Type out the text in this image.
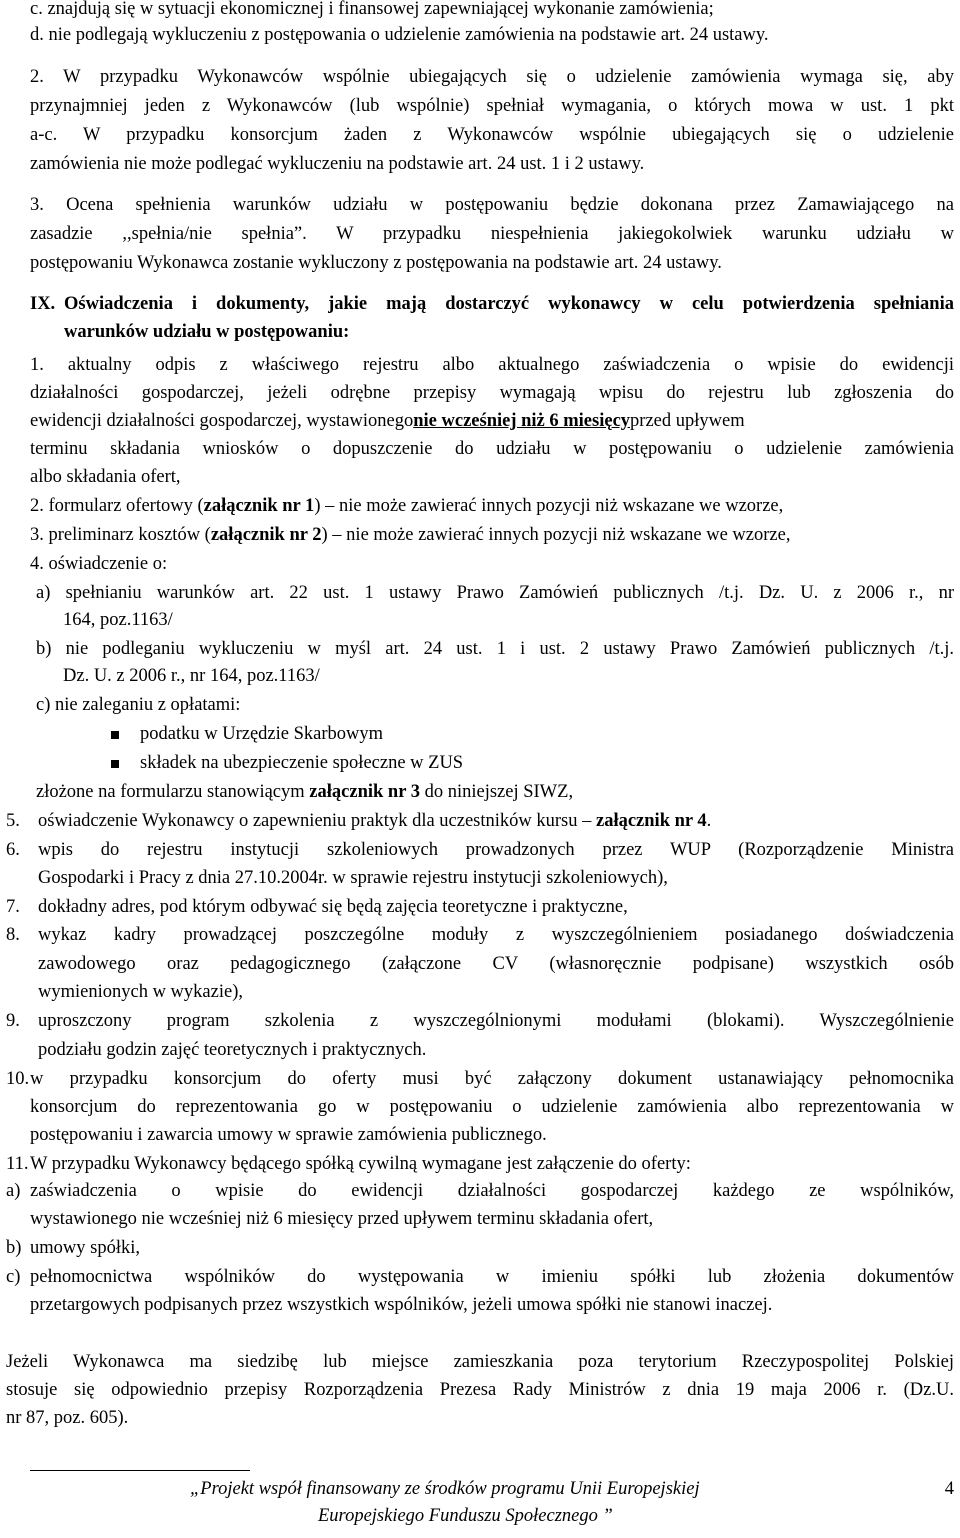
c. znajdują się w sytuacji ekonomicznej i finansowej zapewniającej wykonanie zamówienia;
d. nie podlegają wykluczeniu z postępowania o udzielenie zamówienia na podstawie art. 24 ustawy.
2. W przypadku Wykonawców wspólnie ubiegających się o udzielenie zamówienia wymaga się, aby
przynajmniej jeden z Wykonawców (lub wspólnie) spełniał wymagania, o których mowa w ust. 1 pkt
a-c. W przypadku konsorcjum żaden z Wykonawców wspólnie ubiegających się o udzielenie
zamówienia nie może podlegać wykluczeniu na podstawie art. 24 ust. 1 i 2 ustawy.
3. Ocena spełnienia warunków udziału w postępowaniu będzie dokonana przez Zamawiającego na
zasadzie ,,spełnia/nie spełnia”. W przypadku niespełnienia jakiegokolwiek warunku udziału w
postępowaniu Wykonawca zostanie wykluczony z postępowania na podstawie art. 24 ustawy.
IX. Oświadczenia i dokumenty, jakie mają dostarczyć wykonawcy w celu potwierdzenia spełniania
warunków udziału w postępowaniu:
1. aktualny odpis z właściwego rejestru albo aktualnego zaświadczenia o wpisie do ewidencji
działalności gospodarczej, jeżeli odrębne przepisy wymagają wpisu do rejestru lub zgłoszenia do
ewidencji działalności gospodarczej, wystawionego nie wcześniej niż 6 miesięcy przed upływem
terminu składania wniosków o dopuszczenie do udziału w postępowaniu o udzielenie zamówienia
albo składania ofert,
2. formularz ofertowy (załącznik nr 1) – nie może zawierać innych pozycji niż wskazane we wzorze,
3. preliminarz kosztów (załącznik nr 2) – nie może zawierać innych pozycji niż wskazane we wzorze,
4. oświadczenie o:
a) spełnianiu warunków art. 22 ust. 1 ustawy Prawo Zamówień publicznych /t.j. Dz. U. z 2006 r., nr
164, poz.1163/
b) nie podleganiu wykluczeniu w myśl art. 24 ust. 1 i ust. 2 ustawy Prawo Zamówień publicznych /t.j.
Dz. U. z 2006 r., nr 164, poz.1163/
c) nie zaleganiu z opłatami:
podatku w Urzędzie Skarbowym
składek na ubezpieczenie społeczne w ZUS
złożone na formularzu stanowiącym załącznik nr 3 do niniejszej SIWZ,
5. oświadczenie Wykonawcy o zapewnieniu praktyk dla uczestników kursu – załącznik nr 4.
6. wpis do rejestru instytucji szkoleniowych prowadzonych przez WUP (Rozporządzenie Ministra
Gospodarki i Pracy z dnia 27.10.2004r. w sprawie rejestru instytucji szkoleniowych),
7. dokładny adres, pod którym odbywać się będą zajęcia teoretyczne i praktyczne,
8. wykaz kadry prowadzącej poszczególne moduły z wyszczególnieniem posiadanego doświadczenia
zawodowego oraz pedagogicznego (załączone CV (własnoręcznie podpisane) wszystkich osób
wymienionych w wykazie),
9. uproszczony program szkolenia z wyszczególnionymi modułami (blokami). Wyszczególnienie
podziału godzin zajęć teoretycznych i praktycznych.
10. w przypadku konsorcjum do oferty musi być załączony dokument ustanawiający pełnomocnika
konsorcjum do reprezentowania go w postępowaniu o udzielenie zamówienia albo reprezentowania w
postępowaniu i zawarcia umowy w sprawie zamówienia publicznego.
11. W przypadku Wykonawcy będącego spółką cywilną wymagane jest załączenie do oferty:
a) zaświadczenia o wpisie do ewidencji działalności gospodarczej każdego ze wspólników,
wystawionego nie wcześniej niż 6 miesięcy przed upływem terminu składania ofert,
b) umowy spółki,
c) pełnomocnictwa wspólników do występowania w imieniu spółki lub złożenia dokumentów
przetargowych podpisanych przez wszystkich wspólników, jeżeli umowa spółki nie stanowi inaczej.
Jeżeli Wykonawca ma siedzibę lub miejsce zamieszkania poza terytorium Rzeczypospolitej Polskiej
stosuje się odpowiednio przepisy Rozporządzenia Prezesa Rady Ministrów z dnia 19 maja 2006 r. (Dz.U.
nr 87, poz. 605).
„Projekt współ finansowany ze środków programu Unii Europejskiej
Europejskiego Funduszu Społecznego ”
4
